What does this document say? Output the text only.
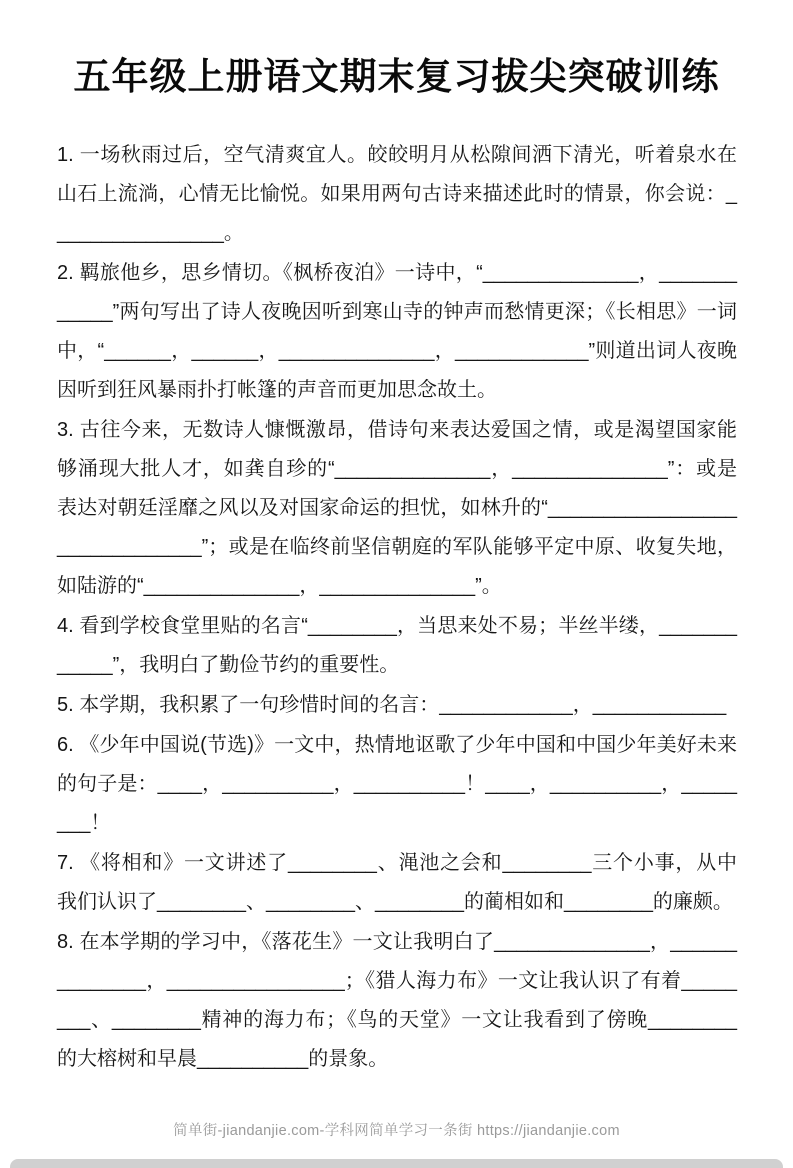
五年级上册语文期末复习拔尖突破训练

1. 一场秋雨过后，空气清爽宜人。皎皎明月从松隙间洒下清光，听着泉水在山石上流淌，心情无比愉悦。如果用两句古诗来描述此时的情景，你会说：________________。

2. 羁旅他乡，思乡情切。《枫桥夜泊》一诗中，“______________，____________”两句写出了诗人夜晚因听到寒山寺的钟声而愁情更深；《长相思》一词中，“______，______，______________，____________”则道出词人夜晚因听到狂风暴雨扑打帐篷的声音而更加思念故土。

3. 古往今来，无数诗人慷慨激昂，借诗句来表达爱国之情，或是渴望国家能够涌现大批人才，如龚自珍的“______________，______________”：或是表达对朝廷淫靡之风以及对国家命运的担忧，如林升的“______________________________”；或是在临终前坚信朝庭的军队能够平定中原、收复失地，如陆游的“______________，______________”。

4. 看到学校食堂里贴的名言“________，当思来处不易；半丝半缕，____________”，我明白了勤俭节约的重要性。

5. 本学期，我积累了一句珍惜时间的名言：____________，____________

6. 《少年中国说(节选)》一文中，热情地讴歌了少年中国和中国少年美好未来的句子是：____，__________，__________！____，__________，________！

7. 《将相和》一文讲述了________、渑池之会和________三个小事，从中我们认识了________、________、________的蔺相如和________的廉颇。

8. 在本学期的学习中，《落花生》一文让我明白了______________，______________，________________；《猎人海力布》一文让我认识了有着________、________精神的海力布；《鸟的天堂》一文让我看到了傍晚________的大榕树和早晨__________的景象。

简单街-jiandanjie.com-学科网简单学习一条街 https://jiandanjie.com
